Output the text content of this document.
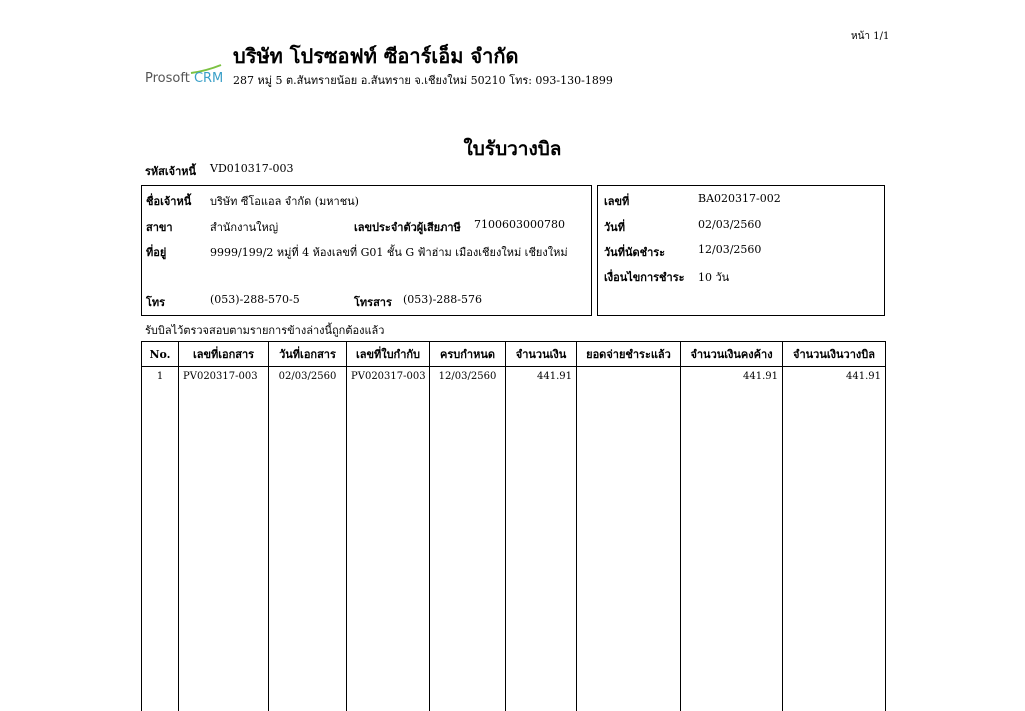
หน้า 1/1
Prosoft CRM
บริษัท โปรซอฟท์ ซีอาร์เอ็ม จำกัด
287 หมู่ 5 ต.สันทรายน้อย อ.สันทราย จ.เชียงใหม่ 50210 โทร: 093-130-1899
ใบรับวางบิล
รหัสเจ้าหนี้ VD010317-003
ชื่อเจ้าหนี้ บริษัท ซีโอแอล จำกัด (มหาชน)
สาขา	สำนักงานใหญ่	เลขประจำตัวผู้เสียภาษี 7100603000780
ที่อยู่	9999/199/2 หมู่ที่ 4 ห้องเลขที่ G01 ชั้น G ฟ้าฮ่าม เมืองเชียงใหม่ เชียงใหม่
โทร	(053)-288-570-5	โทรสาร (053)-288-576
เลขที่	BA020317-002
วันที่	02/03/2560
วันที่นัดชำระ	12/03/2560
เงื่อนไขการชำระ 10 วัน
รับบิลไว้ตรวจสอบตามรายการข้างล่างนี้ถูกต้องแล้ว
No.	เลขที่เอกสาร	วันที่เอกสาร	เลขที่ใบกำกับ	ครบกำหนด	จำนวนเงิน	ยอดจ่ายชำระแล้ว	จำนวนเงินคงค้าง	จำนวนเงินวางบิล
1	PV020317-003	02/03/2560	PV020317-003	12/03/2560	441.91		441.91	441.91
